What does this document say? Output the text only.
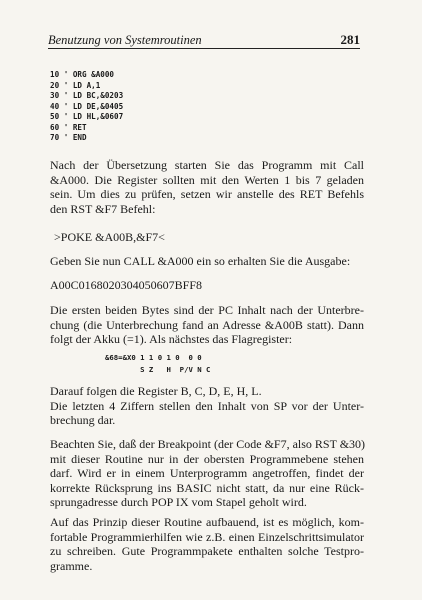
Benutzung von Systemroutinen	281
10 ' ORG &A000
20 ' LD A,1
30 ' LD BC,&0203
40 ' LD DE,&0405
50 ' LD HL,&0607
60 ' RET
70 ' END
Nach der Übersetzung starten Sie das Programm mit Call
&A000. Die Register sollten mit den Werten 1 bis 7 geladen
sein. Um dies zu prüfen, setzen wir anstelle des RET Befehls
den RST &F7 Befehl:
>POKE &A00B,&F7<
Geben Sie nun CALL &A000 ein so erhalten Sie die Ausgabe:
A00C0168020304050607BFF8
Die ersten beiden Bytes sind der PC Inhalt nach der Unterbre-
chung (die Unterbrechung fand an Adresse &A00B statt). Dann
folgt der Akku (=1). Als nächstes das Flagregister:
Darauf folgen die Register B, C, D, E, H, L.
Die letzten 4 Ziffern stellen den Inhalt von SP vor der Unter-
brechung dar.
Beachten Sie, daß der Breakpoint (der Code &F7, also RST &30)
mit dieser Routine nur in der obersten Programmebene stehen
darf. Wird er in einem Unterprogramm angetroffen, findet der
korrekte Rücksprung ins BASIC nicht statt, da nur eine Rück-
sprungadresse durch POP IX vom Stapel geholt wird.
Auf das Prinzip dieser Routine aufbauend, ist es möglich, kom-
fortable Programmierhilfen wie z.B. einen Einzelschrittsimulator
zu schreiben. Gute Programmpakete enthalten solche Testpro-
gramme.
&68=&X0 1 1 0 1 0  0 0
S Z   H  P/V N C
